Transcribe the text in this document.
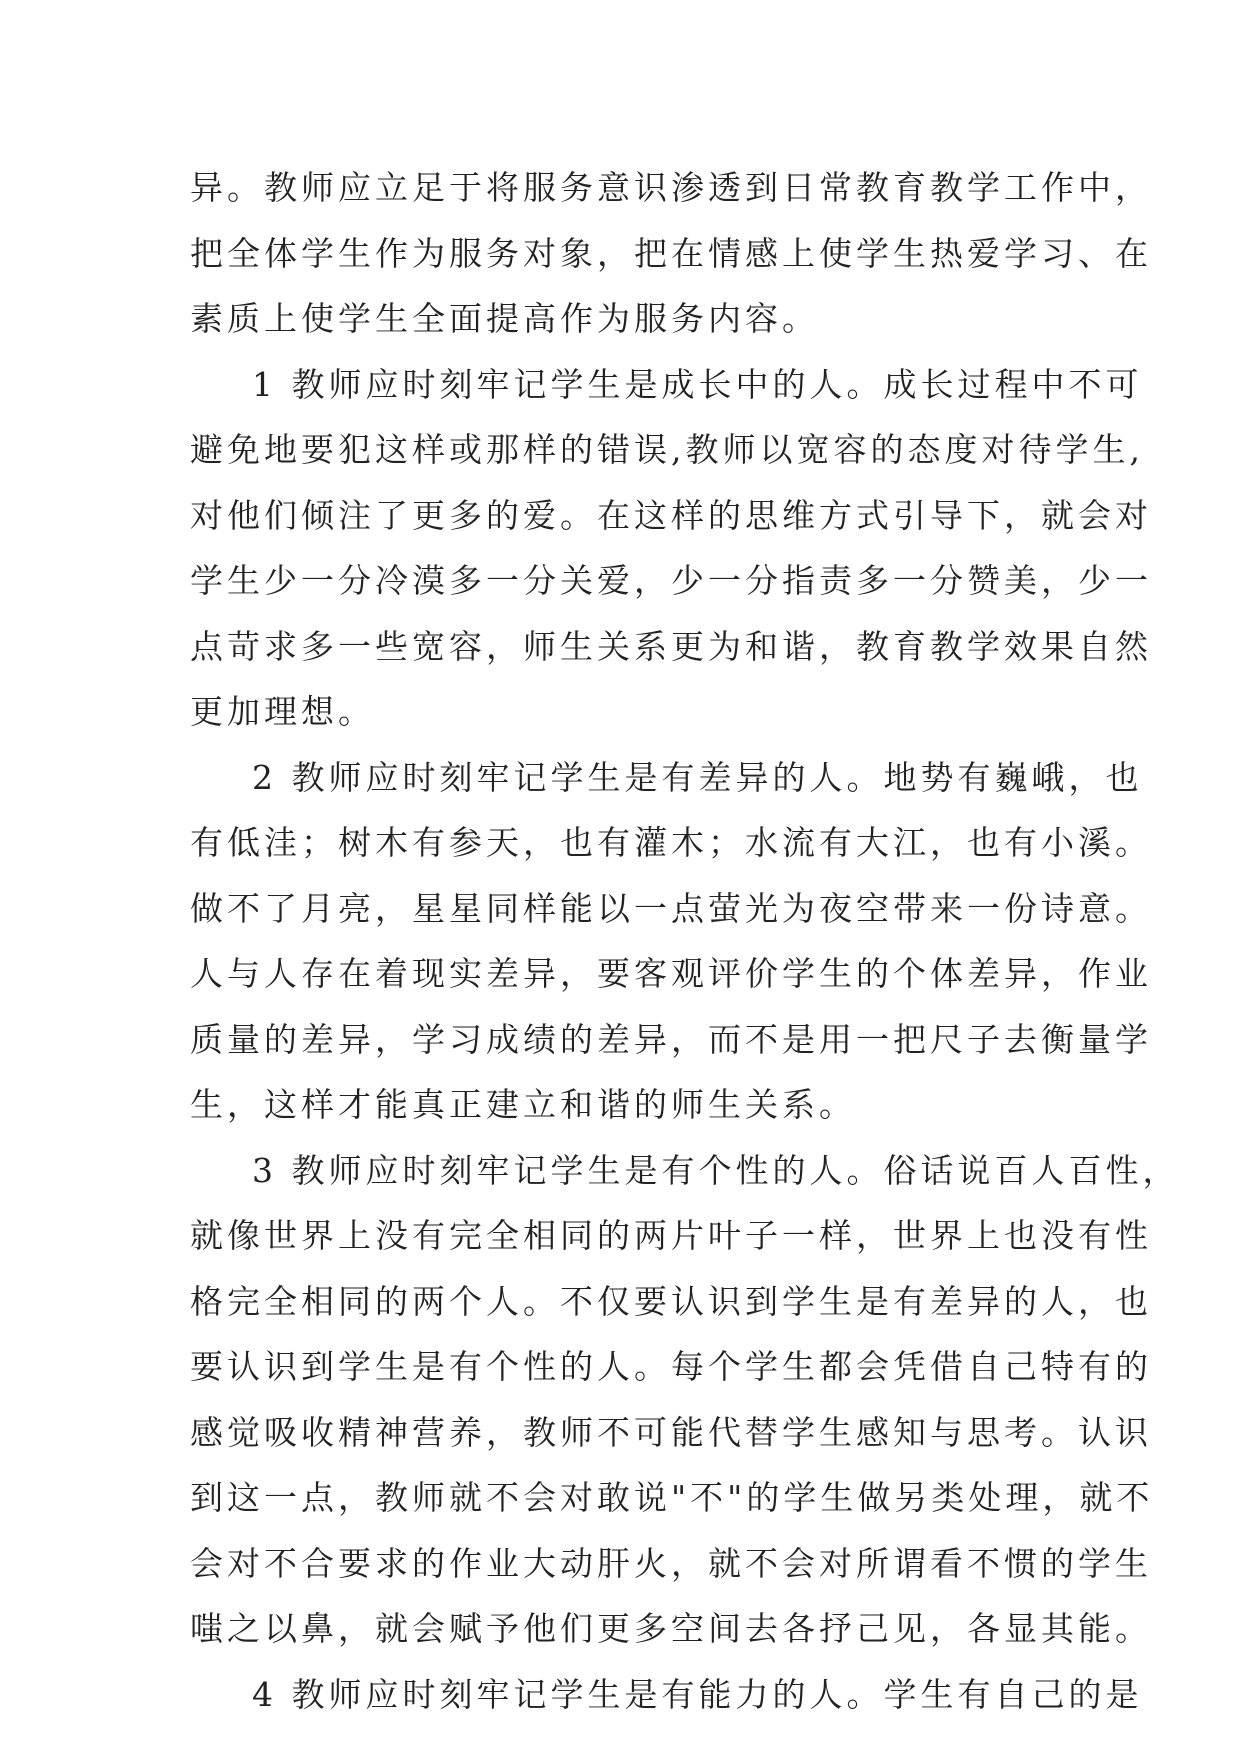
异。教师应立足于将服务意识渗透到日常教育教学工作中，
把全体学生作为服务对象，把在情感上使学生热爱学习、在
素质上使学生全面提高作为服务内容。
1 教师应时刻牢记学生是成长中的人。成长过程中不可
避免地要犯这样或那样的错误,教师以宽容的态度对待学生,
对他们倾注了更多的爱。在这样的思维方式引导下，就会对
学生少一分冷漠多一分关爱，少一分指责多一分赞美，少一
点苛求多一些宽容，师生关系更为和谐，教育教学效果自然
更加理想。
2 教师应时刻牢记学生是有差异的人。地势有巍峨，也
有低洼；树木有参天，也有灌木；水流有大江，也有小溪。
做不了月亮，星星同样能以一点萤光为夜空带来一份诗意。
人与人存在着现实差异，要客观评价学生的个体差异，作业
质量的差异，学习成绩的差异，而不是用一把尺子去衡量学
生，这样才能真正建立和谐的师生关系。
3 教师应时刻牢记学生是有个性的人。俗话说百人百性，
就像世界上没有完全相同的两片叶子一样，世界上也没有性
格完全相同的两个人。不仅要认识到学生是有差异的人，也
要认识到学生是有个性的人。每个学生都会凭借自己特有的
感觉吸收精神营养，教师不可能代替学生感知与思考。认识
到这一点，教师就不会对敢说"不"的学生做另类处理，就不
会对不合要求的作业大动肝火，就不会对所谓看不惯的学生
嗤之以鼻，就会赋予他们更多空间去各抒己见，各显其能。
4 教师应时刻牢记学生是有能力的人。学生有自己的是
